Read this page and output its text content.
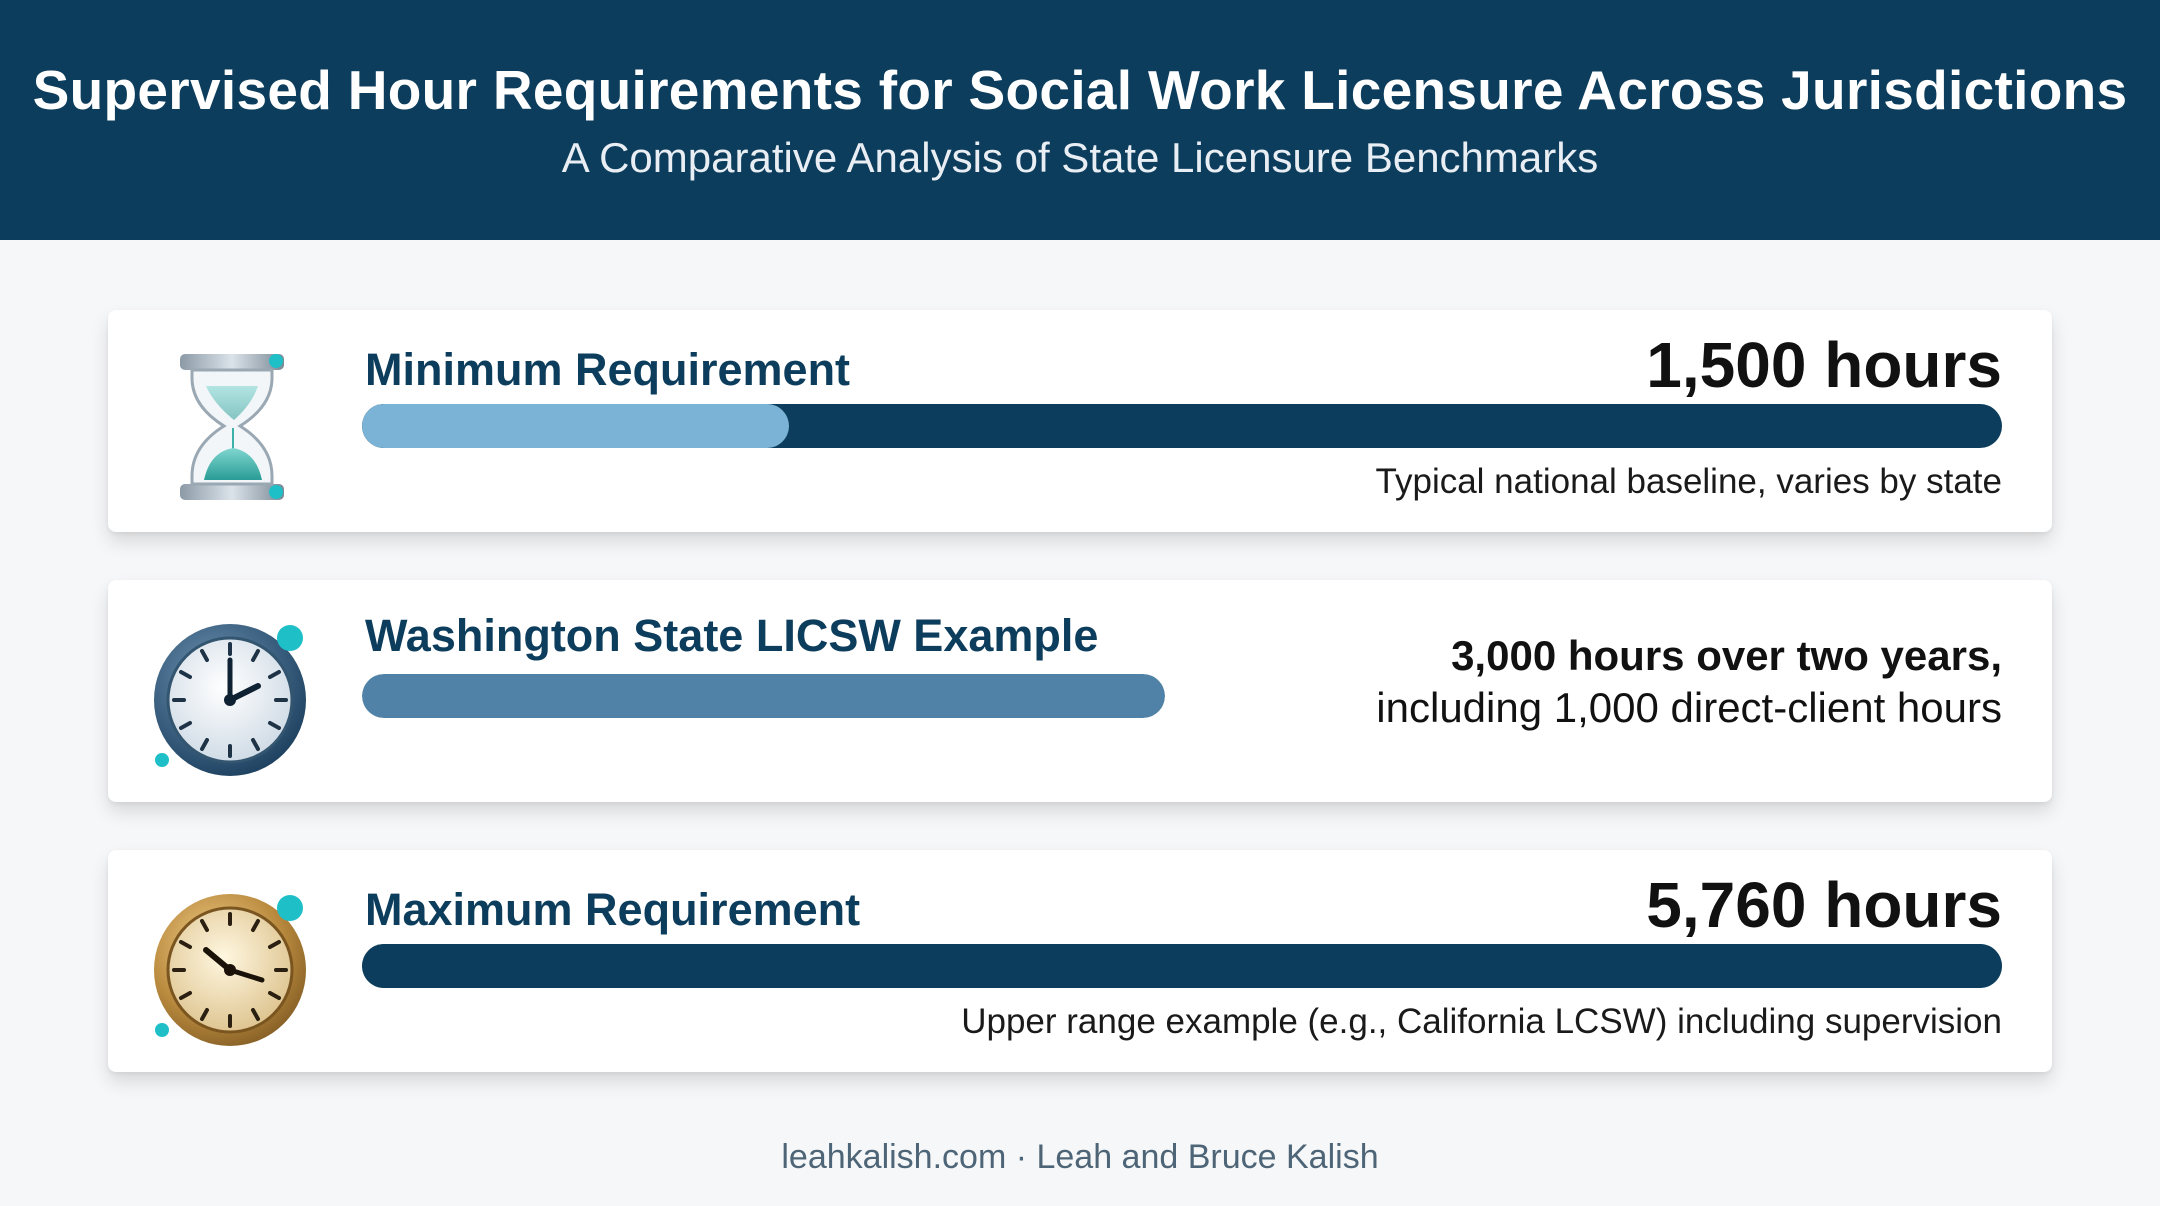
Supervised Hour Requirements for Social Work Licensure Across Jurisdictions
A Comparative Analysis of State Licensure Benchmarks
Minimum Requirement	1,500 hours
Typical national baseline, varies by state
Washington State LICSW Example	3,000 hours over two years,
including 1,000 direct-client hours
Maximum Requirement	5,760 hours
Upper range example (e.g., California LCSW) including supervision
leahkalish.com · Leah and Bruce Kalish
